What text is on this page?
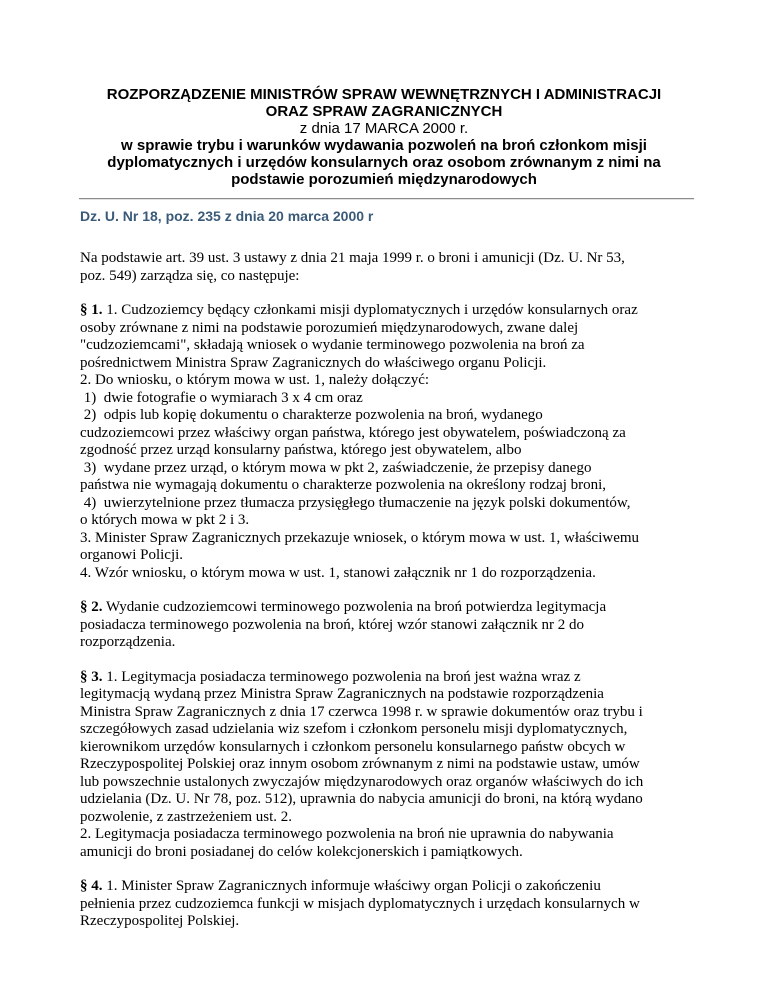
ROZPORZĄDZENIE MINISTRÓW SPRAW WEWNĘTRZNYCH I ADMINISTRACJI
ORAZ SPRAW ZAGRANICZNYCH
z dnia 17 MARCA 2000 r.
w sprawie trybu i warunków wydawania pozwoleń na broń członkom misji
dyplomatycznych i urzędów konsularnych oraz osobom zrównanym z nimi na
podstawie porozumień międzynarodowych
Dz. U. Nr 18, poz. 235 z dnia 20 marca 2000 r

Na podstawie art. 39 ust. 3 ustawy z dnia 21 maja 1999 r. o broni i amunicji (Dz. U. Nr 53,
poz. 549) zarządza się, co następuje:

§ 1. 1. Cudzoziemcy będący członkami misji dyplomatycznych i urzędów konsularnych oraz
osoby zrównane z nimi na podstawie porozumień międzynarodowych, zwane dalej
"cudzoziemcami", składają wniosek o wydanie terminowego pozwolenia na broń za
pośrednictwem Ministra Spraw Zagranicznych do właściwego organu Policji.
2. Do wniosku, o którym mowa w ust. 1, należy dołączyć:
1)  dwie fotografie o wymiarach 3 x 4 cm oraz
2)  odpis lub kopię dokumentu o charakterze pozwolenia na broń, wydanego
cudzoziemcowi przez właściwy organ państwa, którego jest obywatelem, poświadczoną za
zgodność przez urząd konsularny państwa, którego jest obywatelem, albo
3)  wydane przez urząd, o którym mowa w pkt 2, zaświadczenie, że przepisy danego
państwa nie wymagają dokumentu o charakterze pozwolenia na określony rodzaj broni,
4)  uwierzytelnione przez tłumacza przysięgłego tłumaczenie na język polski dokumentów,
o których mowa w pkt 2 i 3.
3. Minister Spraw Zagranicznych przekazuje wniosek, o którym mowa w ust. 1, właściwemu
organowi Policji.
4. Wzór wniosku, o którym mowa w ust. 1, stanowi załącznik nr 1 do rozporządzenia.

§ 2. Wydanie cudzoziemcowi terminowego pozwolenia na broń potwierdza legitymacja
posiadacza terminowego pozwolenia na broń, której wzór stanowi załącznik nr 2 do
rozporządzenia.

§ 3. 1. Legitymacja posiadacza terminowego pozwolenia na broń jest ważna wraz z
legitymacją wydaną przez Ministra Spraw Zagranicznych na podstawie rozporządzenia
Ministra Spraw Zagranicznych z dnia 17 czerwca 1998 r. w sprawie dokumentów oraz trybu i
szczegółowych zasad udzielania wiz szefom i członkom personelu misji dyplomatycznych,
kierownikom urzędów konsularnych i członkom personelu konsularnego państw obcych w
Rzeczypospolitej Polskiej oraz innym osobom zrównanym z nimi na podstawie ustaw, umów
lub powszechnie ustalonych zwyczajów międzynarodowych oraz organów właściwych do ich
udzielania (Dz. U. Nr 78, poz. 512), uprawnia do nabycia amunicji do broni, na którą wydano
pozwolenie, z zastrzeżeniem ust. 2.
2. Legitymacja posiadacza terminowego pozwolenia na broń nie uprawnia do nabywania
amunicji do broni posiadanej do celów kolekcjonerskich i pamiątkowych.

§ 4. 1. Minister Spraw Zagranicznych informuje właściwy organ Policji o zakończeniu
pełnienia przez cudzoziemca funkcji w misjach dyplomatycznych i urzędach konsularnych w
Rzeczypospolitej Polskiej.
